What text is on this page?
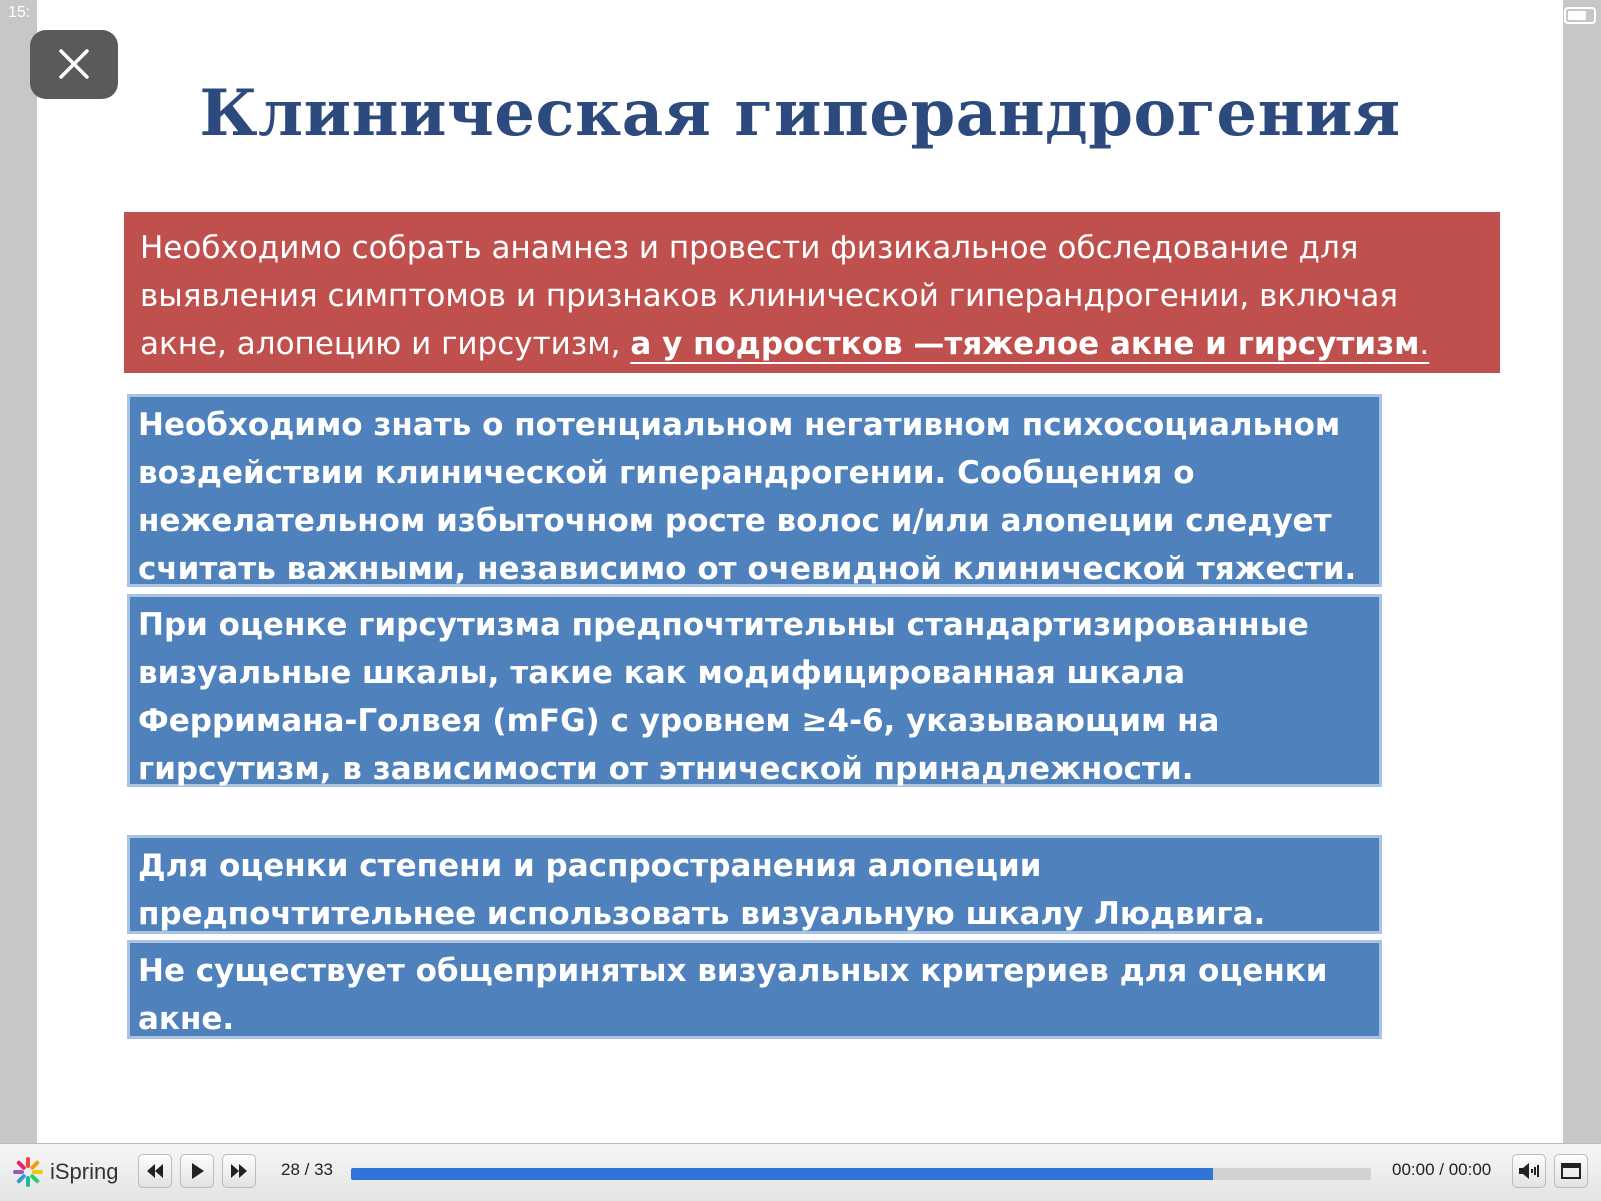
15:
Клиническая гиперандрогения
Необходимо собрать анамнез и провести физикальное обследование для выявления симптомов и признаков клинической гиперандрогении, включая акне, алопецию и гирсутизм, а у подростков —тяжелое акне и гирсутизм.
Необходимо знать о потенциальном негативном психосоциальном воздействии клинической гиперандрогении. Сообщения о нежелательном избыточном росте волос и/или алопеции следует считать важными, независимо от очевидной клинической тяжести.
При оценке гирсутизма предпочтительны стандартизированные визуальные шкалы, такие как модифицированная шкала Ферримана-Голвея (mFG) с уровнем ≥4-6, указывающим на гирсутизм, в зависимости от этнической принадлежности.
Для оценки степени и распространения алопеции предпочтительнее использовать визуальную шкалу Людвига.
Не существует общепринятых визуальных критериев для оценки акне.
iSpring	28 / 33	00:00 / 00:00
